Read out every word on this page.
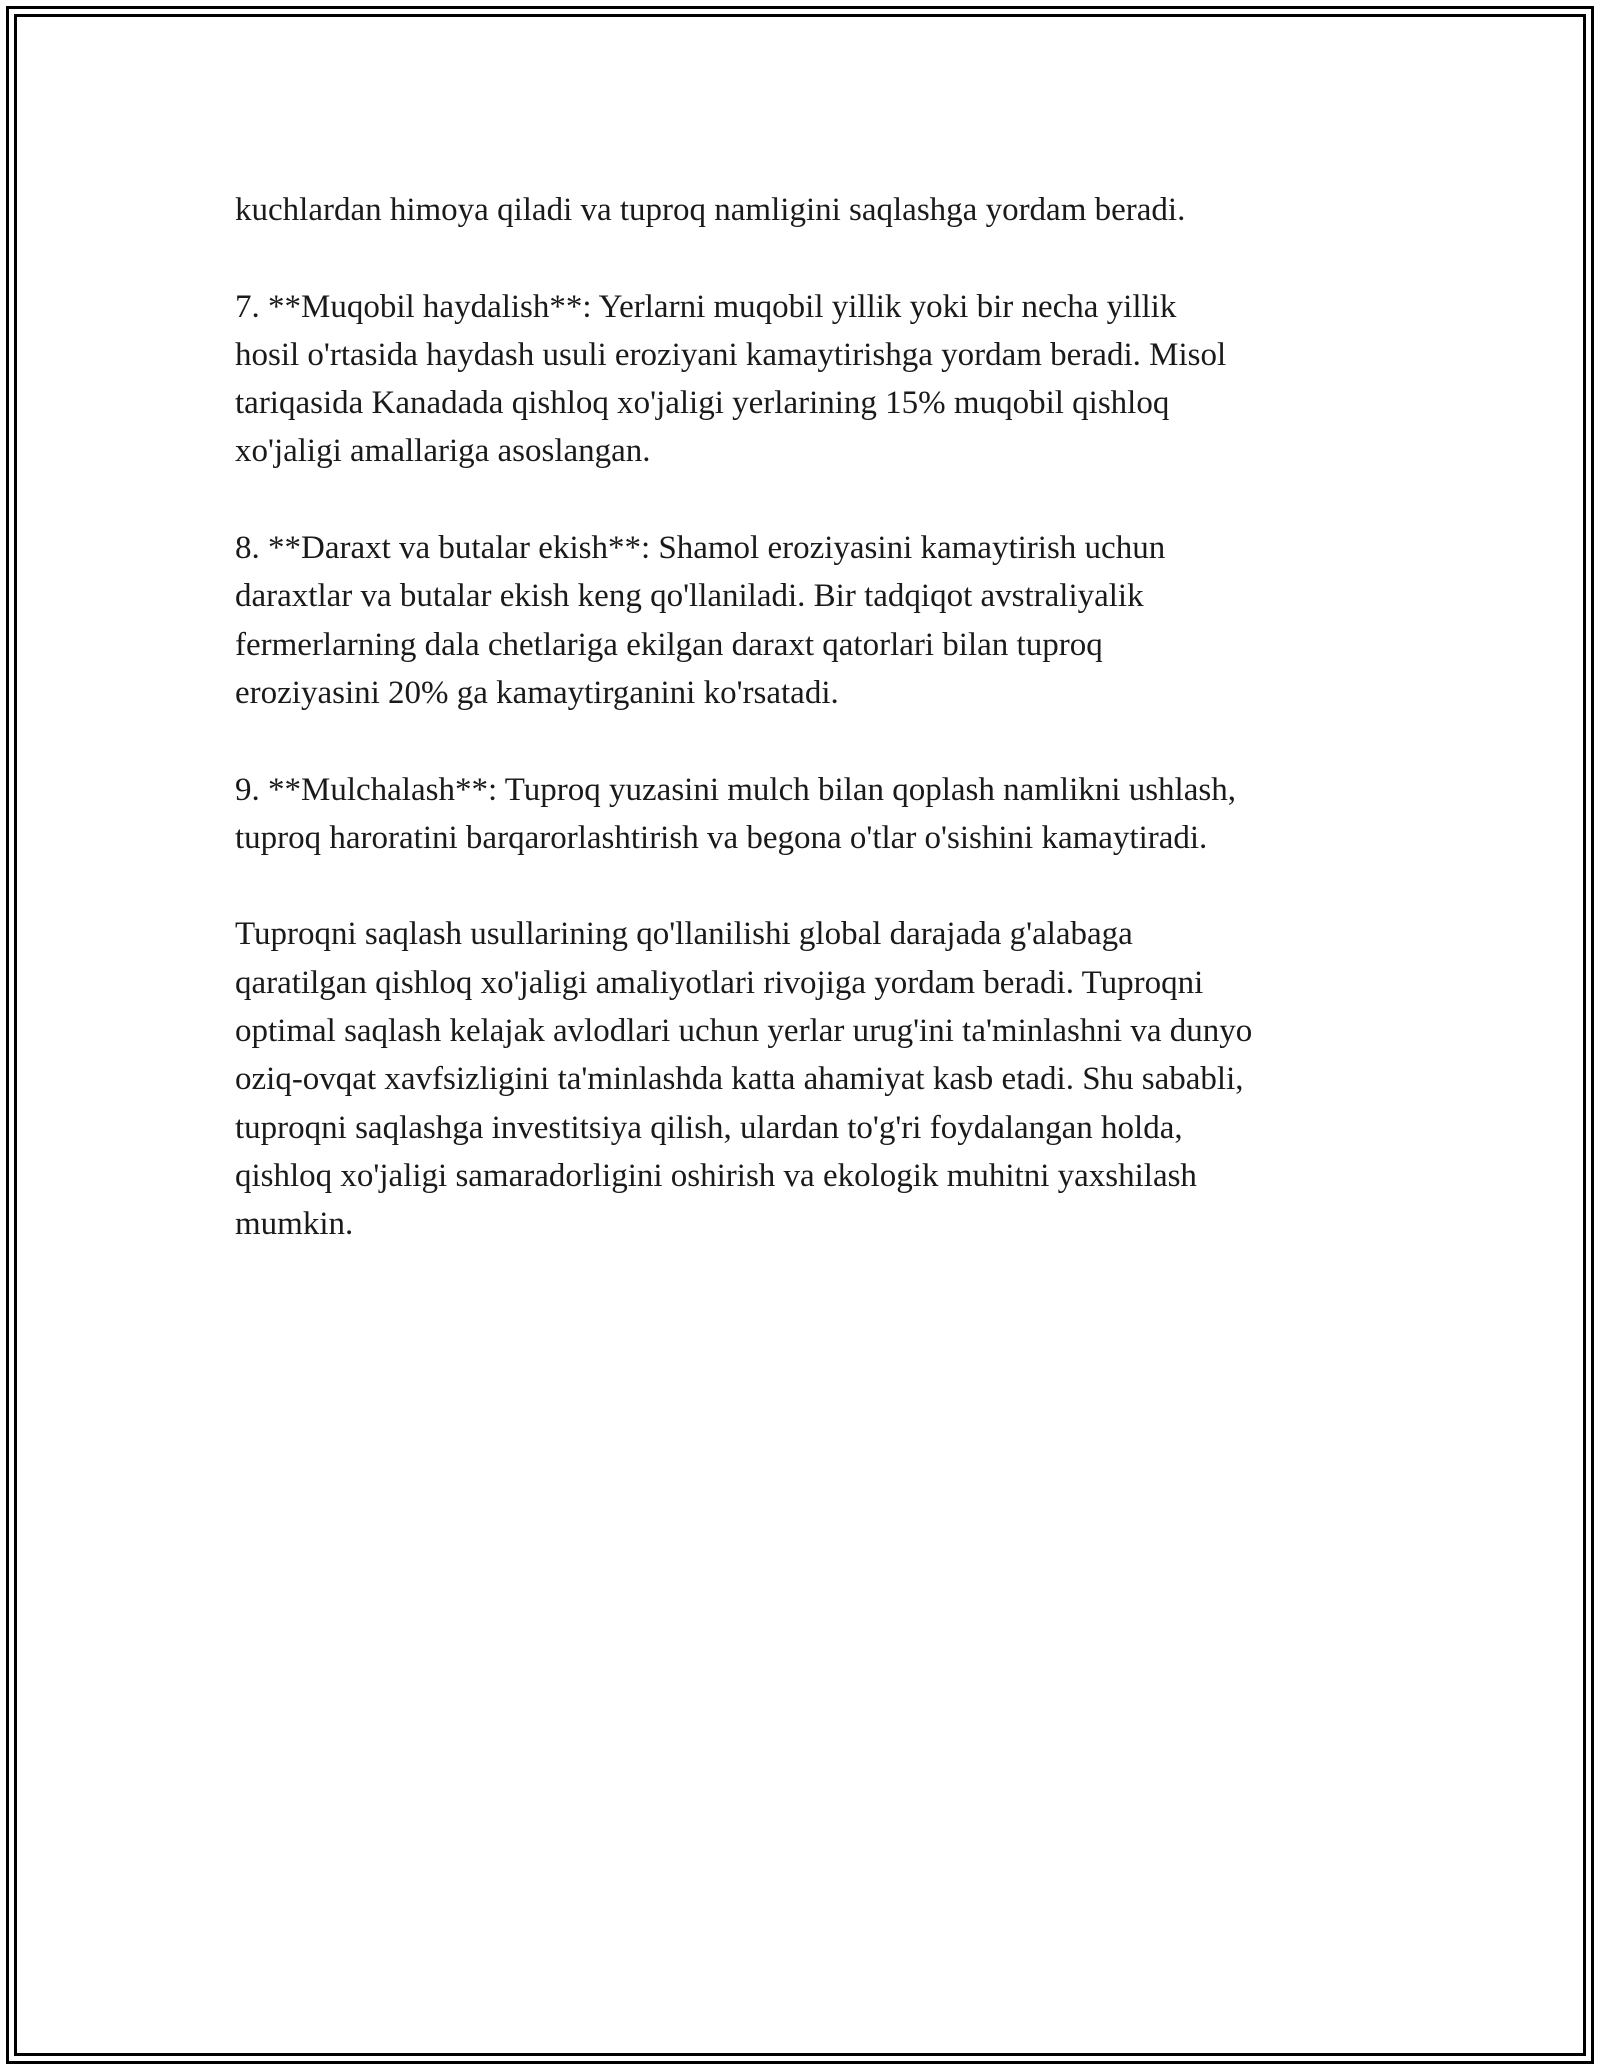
kuchlardan himoya qiladi va tuproq namligini saqlashga yordam beradi.

7. **Muqobil haydalish**: Yerlarni muqobil yillik yoki bir necha yillik
hosil o'rtasida haydash usuli eroziyani kamaytirishga yordam beradi. Misol
tariqasida Kanadada qishloq xo'jaligi yerlarining 15% muqobil qishloq
xo'jaligi amallariga asoslangan.

8. **Daraxt va butalar ekish**: Shamol eroziyasini kamaytirish uchun
daraxtlar va butalar ekish keng qo'llaniladi. Bir tadqiqot avstraliyalik
fermerlarning dala chetlariga ekilgan daraxt qatorlari bilan tuproq
eroziyasini 20% ga kamaytirganini ko'rsatadi.

9. **Mulchalash**: Tuproq yuzasini mulch bilan qoplash namlikni ushlash,
tuproq haroratini barqarorlashtirish va begona o'tlar o'sishini kamaytiradi.

Tuproqni saqlash usullarining qo'llanilishi global darajada g'alabaga
qaratilgan qishloq xo'jaligi amaliyotlari rivojiga yordam beradi. Tuproqni
optimal saqlash kelajak avlodlari uchun yerlar urug'ini ta'minlashni va dunyo
oziq-ovqat xavfsizligini ta'minlashda katta ahamiyat kasb etadi. Shu sababli,
tuproqni saqlashga investitsiya qilish, ulardan to'g'ri foydalangan holda,
qishloq xo'jaligi samaradorligini oshirish va ekologik muhitni yaxshilash
mumkin.
